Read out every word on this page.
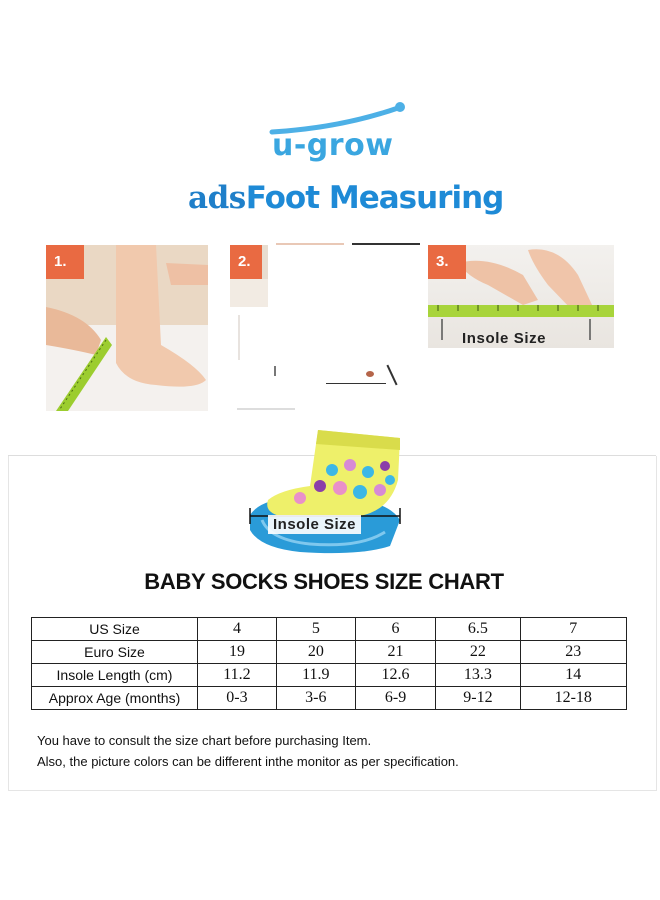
u-grow
adsFoot Measuring
1.	2.	3.
Insole Size
Insole Size
BABY SOCKS SHOES SIZE CHART
US Size	4	5	6	6.5	7
Euro Size	19	20	21	22	23
Insole Length (cm)	11.2	11.9	12.6	13.3	14
Approx Age (months)	0-3	3-6	6-9	9-12	12-18
You have to consult the size chart before purchasing Item.
Also, the picture colors can be different inthe monitor as per specification.
